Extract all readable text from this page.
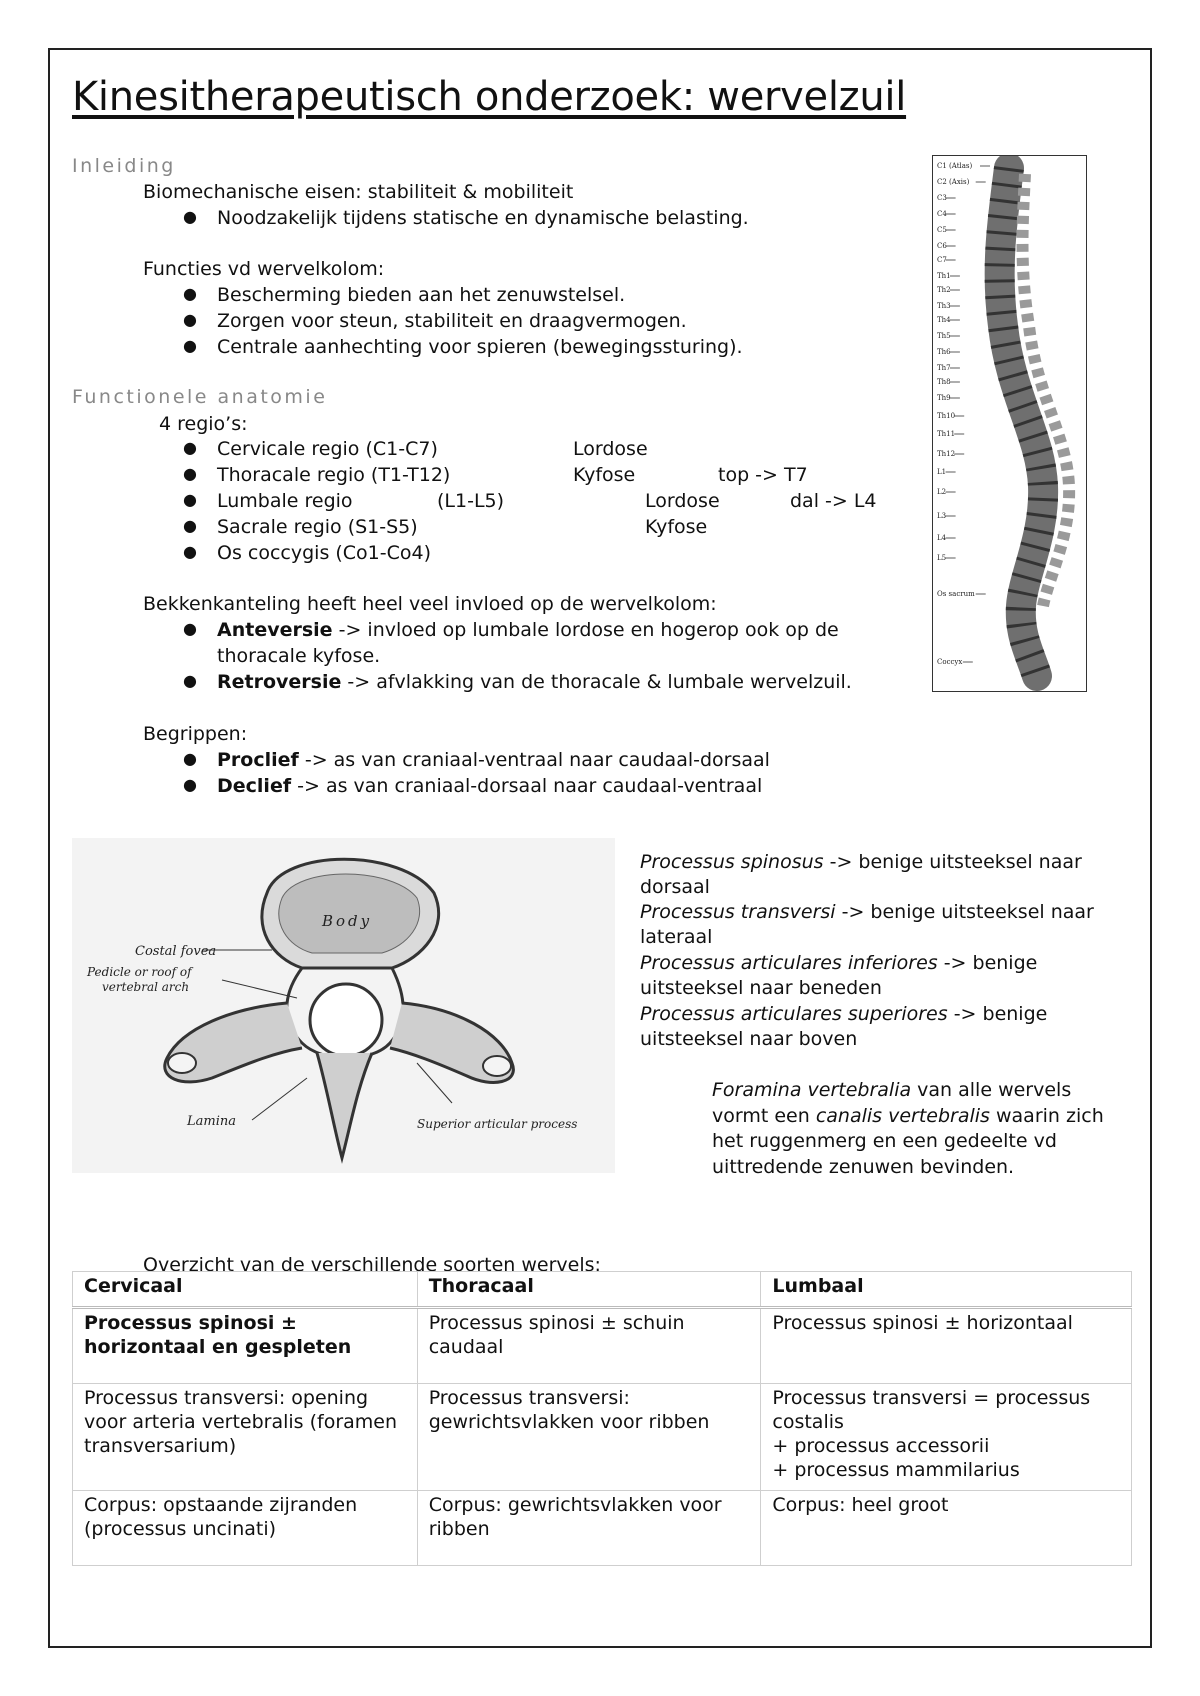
Kinesitherapeutisch onderzoek: wervelzuil
Inleiding
Biomechanische eisen: stabiliteit & mobiliteit
● Noodzakelijk tijdens statische en dynamische belasting.
Functies vd wervelkolom:
● Bescherming bieden aan het zenuwstelsel.
● Zorgen voor steun, stabiliteit en draagvermogen.
● Centrale aanhechting voor spieren (bewegingssturing).
Functionele anatomie
4 regio’s:
● Cervicale regio (C1-C7)	Lordose
● Thoracale regio (T1-T12)	Kyfose	top -> T7
● Lumbale regio	(L1-L5)	Lordose	dal -> L4
● Sacrale regio (S1-S5)	Kyfose
● Os coccygis (Co1-Co4)
Bekkenkanteling heeft heel veel invloed op de wervelkolom:
● Anteversie -> invloed op lumbale lordose en hogerop ook op de
thoracale kyfose.
● Retroversie -> afvlakking van de thoracale & lumbale wervelzuil.
Begrippen:
● Proclief -> as van craniaal-ventraal naar caudaal-dorsaal
● Declief -> as van craniaal-dorsaal naar caudaal-ventraal
C1 (Atlas)
C2 (Axis)
C3
C4
C5
C6
C7
Th1
Th2
Th3
Th4
Th5
Th6
Th7
Th8
Th9
Th10
Th11
Th12
L1
L2
L3
L4
L5
Os sacrum
Coccyx
Body
Costal fovea
Pedicle or roof of
vertebral arch
Lamina	Superior articular process
Processus spinosus -> benige uitsteeksel naar
dorsaal
Processus transversi -> benige uitsteeksel naar
lateraal
Processus articulares inferiores -> benige
uitsteeksel naar beneden
Processus articulares superiores -> benige
uitsteeksel naar boven
Foramina vertebralia van alle wervels
vormt een canalis vertebralis waarin zich
het ruggenmerg en een gedeelte vd
uittredende zenuwen bevinden.
Overzicht van de verschillende soorten wervels:
Cervicaal	Thoracaal	Lumbaal
Processus spinosi ± horizontaal en gespleten	Processus spinosi ± schuin caudaal	Processus spinosi ± horizontaal
Processus transversi: opening voor arteria vertebralis (foramen transversarium)	Processus transversi: gewrichtsvlakken voor ribben	Processus transversi = processus costalis
+ processus accessorii
+ processus mammilarius

Corpus: opstaande zijranden (processus uncinati)	Corpus: gewrichtsvlakken voor ribben	Corpus: heel groot
